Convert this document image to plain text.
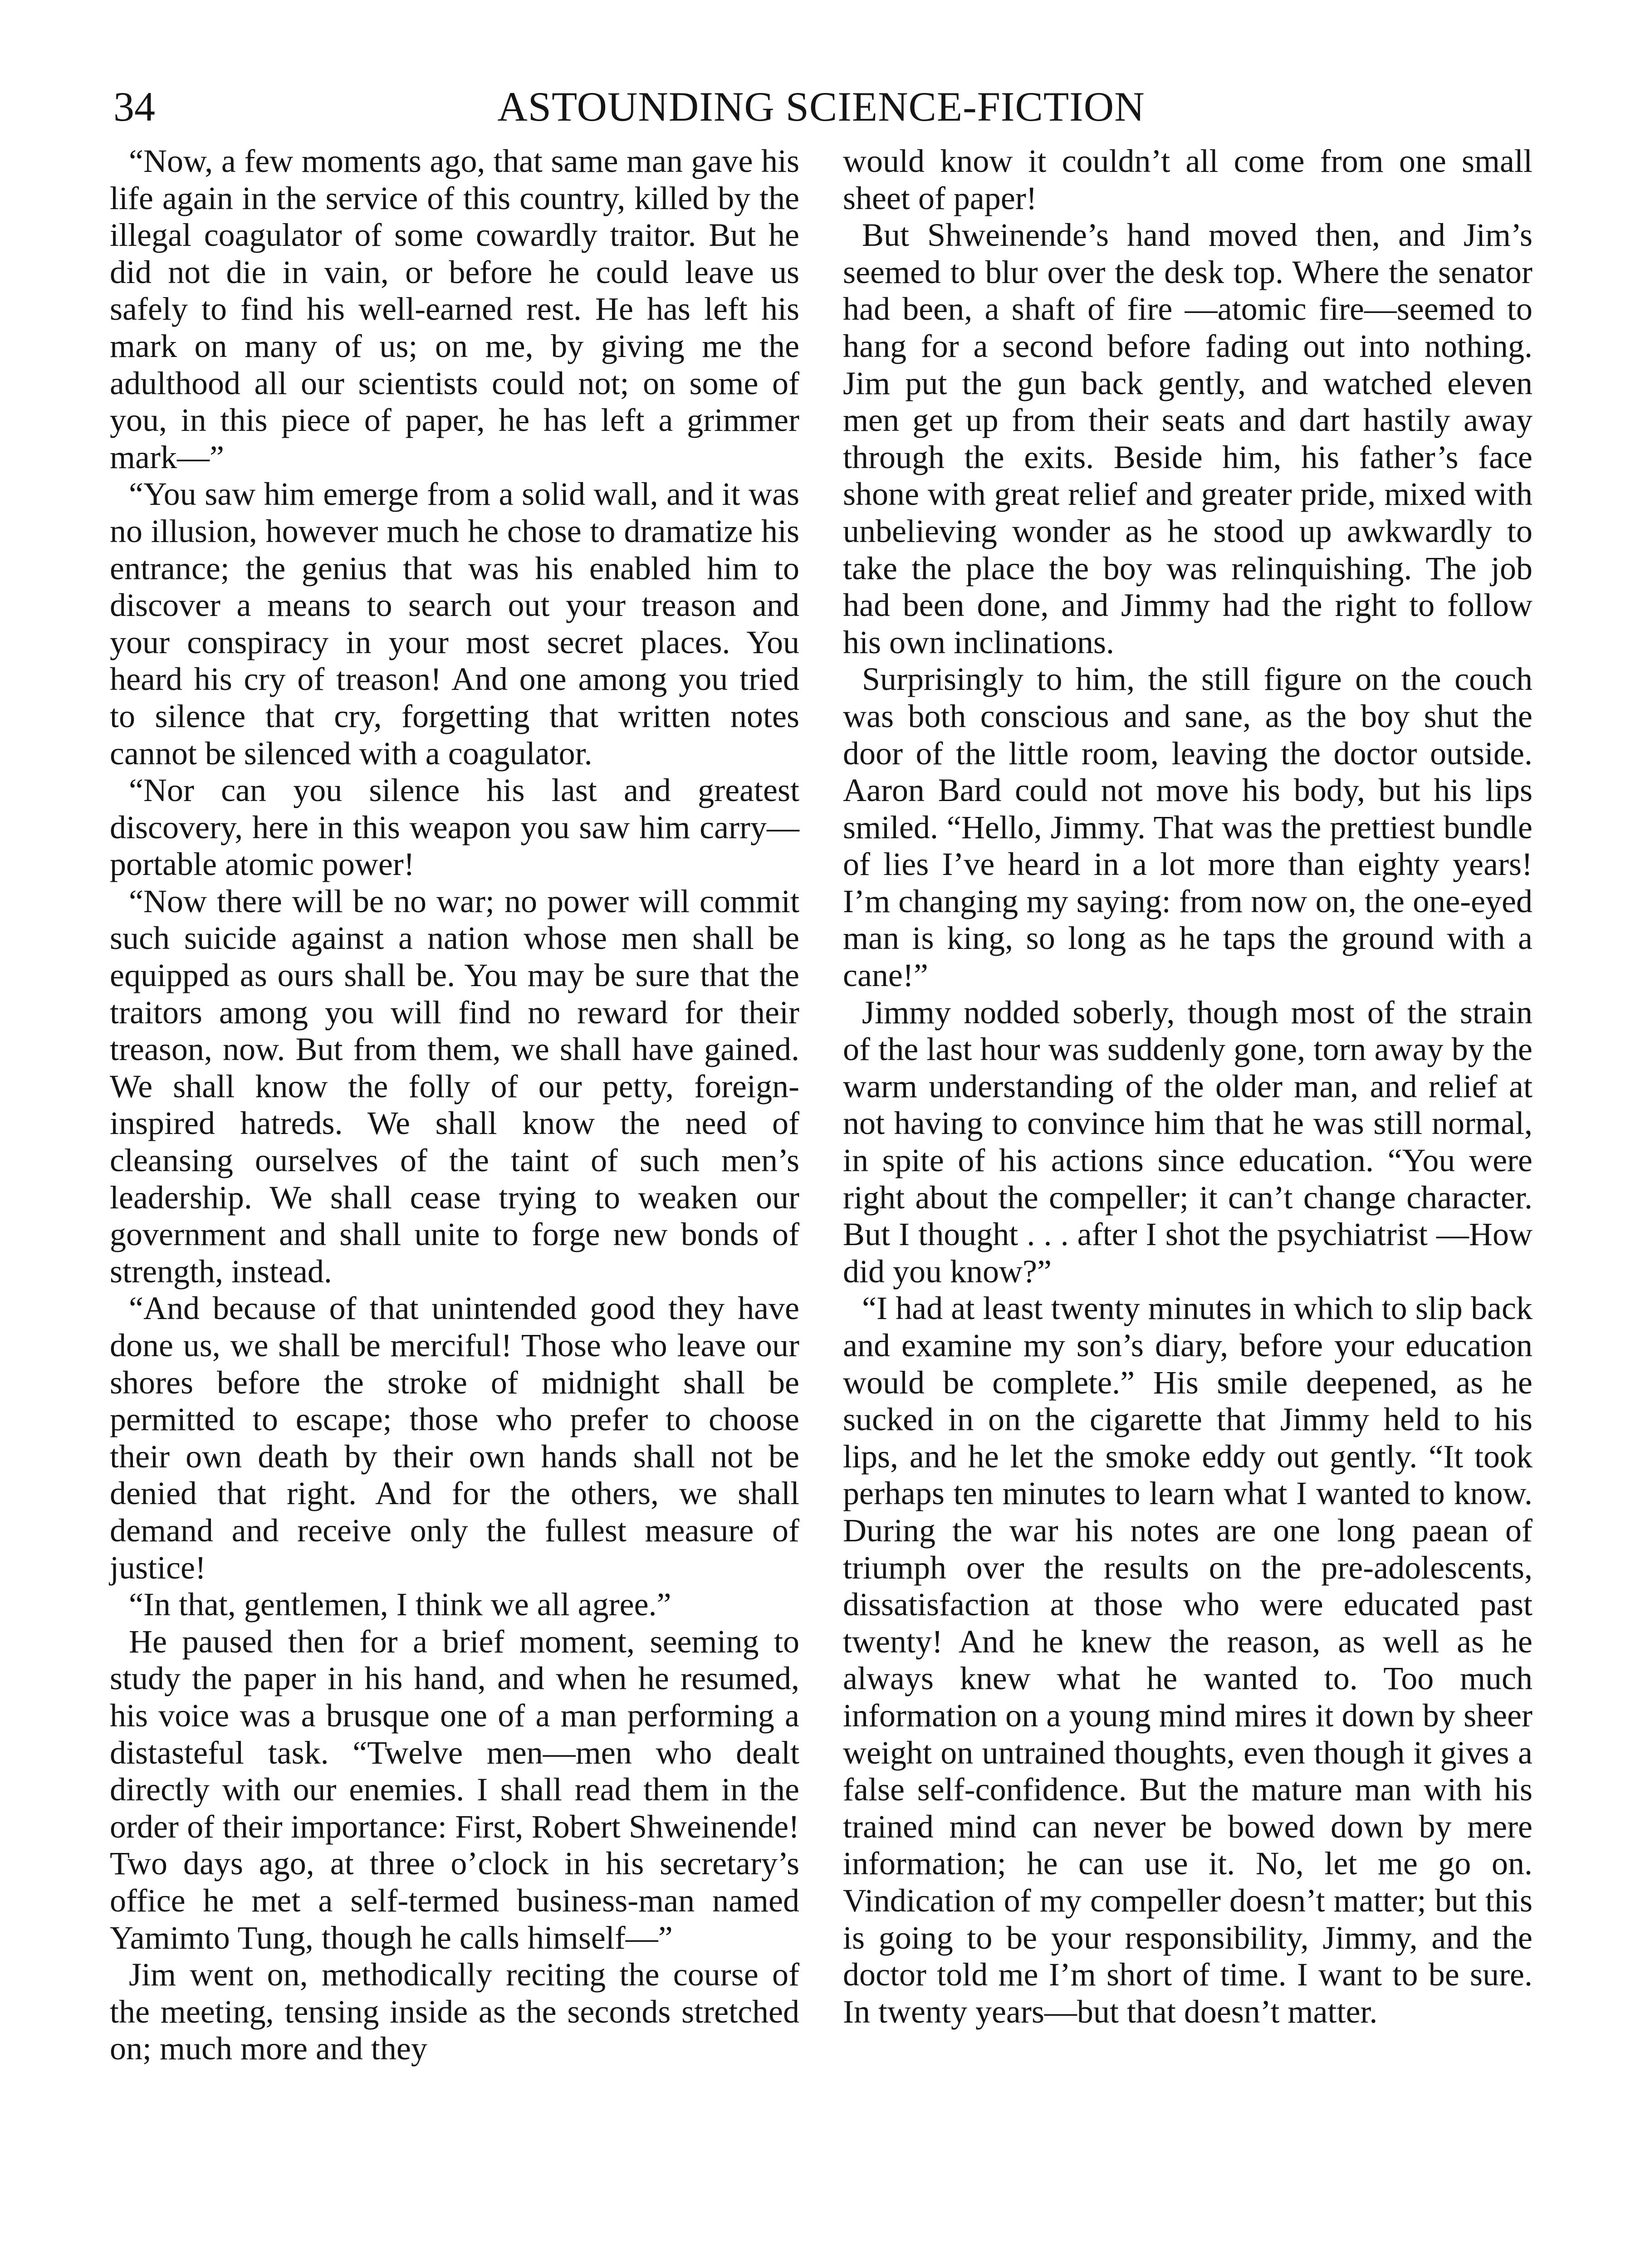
34	ASTOUNDING SCIENCE-FICTION

“Now, a few moments ago, that same man gave his life again in the service of this country, killed by the illegal coagulator of some cowardly traitor. But he did not die in vain, or before he could leave us safely to find his well-earned rest. He has left his mark on many of us; on me, by giving me the adulthood all our scientists could not; on some of you, in this piece of paper, he has left a grimmer mark—”

“You saw him emerge from a solid wall, and it was no illusion, however much he chose to dramatize his entrance; the genius that was his enabled him to discover a means to search out your treason and your conspiracy in your most secret places. You heard his cry of treason! And one among you tried to silence that cry, forgetting that written notes cannot be silenced with a coagulator.

“Nor can you silence his last and greatest discovery, here in this weapon you saw him carry—portable atomic power!

“Now there will be no war; no power will commit such suicide against a nation whose men shall be equipped as ours shall be. You may be sure that the traitors among you will find no reward for their treason, now. But from them, we shall have gained. We shall know the folly of our petty, foreign-inspired hatreds. We shall know the need of cleansing ourselves of the taint of such men’s leadership. We shall cease trying to weaken our government and shall unite to forge new bonds of strength, instead.

“And because of that unintended good they have done us, we shall be merciful! Those who leave our shores before the stroke of midnight shall be permitted to escape; those who prefer to choose their own death by their own hands shall not be denied that right. And for the others, we shall demand and receive only the fullest measure of justice!

“In that, gentlemen, I think we all agree.”

He paused then for a brief moment, seeming to study the paper in his hand, and when he resumed, his voice was a brusque one of a man performing a distasteful task. “Twelve men—men who dealt directly with our enemies. I shall read them in the order of their importance: First, Robert Shweinende! Two days ago, at three o’clock in his secretary’s office he met a self-termed business-man named Yamimto Tung, though he calls himself—”

Jim went on, methodically reciting the course of the meeting, tensing inside as the seconds stretched on; much more and they

would know it couldn’t all come from one small sheet of paper!

But Shweinende’s hand moved then, and Jim’s seemed to blur over the desk top. Where the senator had been, a shaft of fire —atomic fire—seemed to hang for a second before fading out into nothing. Jim put the gun back gently, and watched eleven men get up from their seats and dart hastily away through the exits. Beside him, his father’s face shone with great relief and greater pride, mixed with unbelieving wonder as he stood up awkwardly to take the place the boy was relinquishing. The job had been done, and Jimmy had the right to follow his own inclinations.

Surprisingly to him, the still figure on the couch was both conscious and sane, as the boy shut the door of the little room, leaving the doctor outside. Aaron Bard could not move his body, but his lips smiled. “Hello, Jimmy. That was the prettiest bundle of lies I’ve heard in a lot more than eighty years! I’m changing my saying: from now on, the one-eyed man is king, so long as he taps the ground with a cane!”

Jimmy nodded soberly, though most of the strain of the last hour was suddenly gone, torn away by the warm understanding of the older man, and relief at not having to convince him that he was still normal, in spite of his actions since education. “You were right about the compeller; it can’t change character. But I thought . . . after I shot the psychiatrist —How did you know?”

“I had at least twenty minutes in which to slip back and examine my son’s diary, before your education would be complete.” His smile deepened, as he sucked in on the cigarette that Jimmy held to his lips, and he let the smoke eddy out gently. “It took perhaps ten minutes to learn what I wanted to know. During the war his notes are one long paean of triumph over the results on the pre-adolescents, dissatisfaction at those who were educated past twenty! And he knew the reason, as well as he always knew what he wanted to. Too much information on a young mind mires it down by sheer weight on untrained thoughts, even though it gives a false self-confidence. But the mature man with his trained mind can never be bowed down by mere information; he can use it. No, let me go on. Vindication of my compeller doesn’t matter; but this is going to be your responsibility, Jimmy, and the doctor told me I’m short of time. I want to be sure. In twenty years—but that doesn’t matter.
